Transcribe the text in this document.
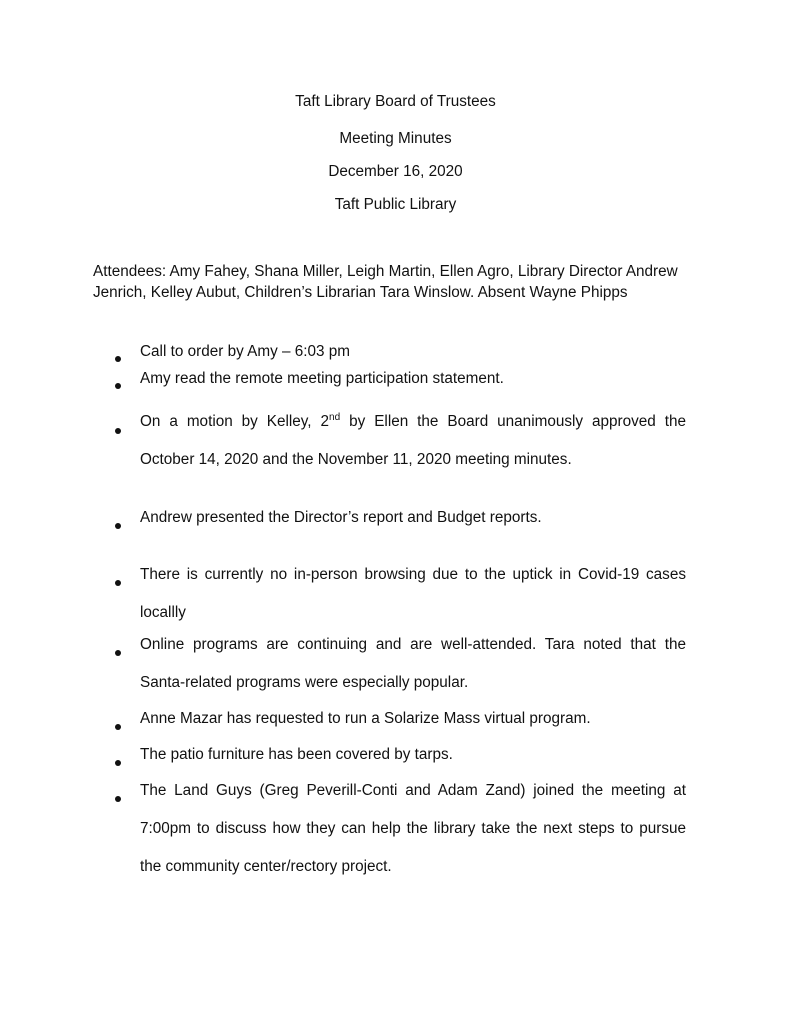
Taft Library Board of Trustees
Meeting Minutes
December 16, 2020
Taft Public Library
Attendees: Amy Fahey, Shana Miller, Leigh Martin, Ellen Agro, Library Director Andrew Jenrich, Kelley Aubut, Children’s Librarian Tara Winslow. Absent Wayne Phipps
Call to order by Amy – 6:03 pm
Amy read the remote meeting participation statement.
On a motion by Kelley, 2nd by Ellen the Board unanimously approved the October 14, 2020 and the November 11, 2020 meeting minutes.
Andrew presented the Director’s report and Budget reports.
There is currently no in-person browsing due to the uptick in Covid-19 cases locallly
Online programs are continuing and are well-attended. Tara noted that the Santa-related programs were especially popular.
Anne Mazar has requested to run a Solarize Mass virtual program.
The patio furniture has been covered by tarps.
The Land Guys (Greg Peverill-Conti and Adam Zand) joined the meeting at 7:00pm to discuss how they can help the library take the next steps to pursue the community center/rectory project.
